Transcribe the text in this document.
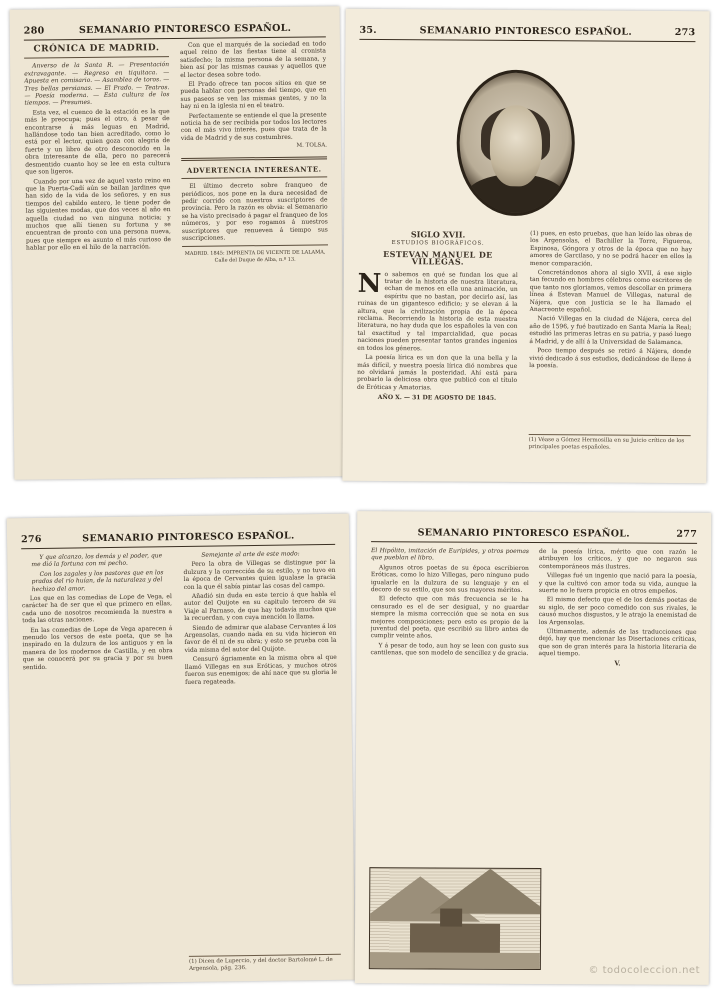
280	SEMANARIO PINTORESCO ESPAÑOL.
CRÓNICA DE MADRID.

Anverso de la Santa R. — Presentación extravagante. — Regreso en tiquitaca. — Apuesta en comisario. — Asamblea de toros. — Tres bellas persianas. — El Prado. — Teatros. — Poesía moderna. — Esta cultura de los tiempos. — Presumes.

Esta vez, el cuenco de la estación es la que más le preocupa; pues el otro, á pesar de encontrarse á más leguas en Madrid, hallándose todo tan bien acreditado, como lo está por el lector, quien goza con alegría de fuerte y un libro de otro desconocido en la obra interesante de ella, pero no parecerá desmentido cuanto hoy se lee en esta cultura que son ligeros.

Cuando por una vez de aquel vasto reino en que la Puerta-Cadí aún se bailan jardines que han sido de la vida de los señores, y en sus tiempos del cabildo entero, le tiene poder de las siguientes modas, que dos veces al año en aquella ciudad no ven ninguna noticia; y muchos que allí tienen su fortuna y se encuentran de pronto con una persona nueva, pues que siempre es asunto el más curioso de hablar por ello en el hilo de la narración.

Con que el marqués de la sociedad en todo aquel reino de las fiestas tiene al cronista satisfecho; la misma persona de la semana, y bien así por las mismas causas y aquellos que el lector desea sobre todo.

El Prado ofrece tan pocos sitios en que se pueda hablar con personas del tiempo, que en sus paseos se ven las mismas gentes, y no la hay ni en la iglesia ni en el teatro.

Perfectamente se entiende el que la presente noticia ha de ser recibida por todos los lectores con el más vivo interés, pues que trata de la vida de Madrid y de sus costumbres.

M. TOLSA.
ADVERTENCIA INTERESANTE.

El último decreto sobre franqueo de periódicos, nos pone en la dura necesidad de pedir corrido con nuestros suscriptores de provincia. Pero la razón es obvia: el Semanario se ha visto precisado á pagar el franqueo de los números, y por eso rogamos á nuestros suscriptores que renueven á tiempo sus suscripciones.

MADRID. 1845: IMPRENTA DE VICENTE DE LALAMA, Calle del Duque de Alba, n.º 13.
35.	SEMANARIO PINTORESCO ESPAÑOL.	273
SIGLO XVII.
ESTUDIOS BIOGRÁFICOS.
ESTEVAN MANUEL DE VILLEGAS.
N o sabemos en qué se fundan los que al tratar de la historia de nuestra literatura, echan de menos en ella una animación, un espíritu que no bastan, por decirlo así, las ruinas de un gigantesco edificio; y se elevan á la altura, que la civilización propia de la época reclama. Recorriendo la historia de esta nuestra literatura, no hay duda que los españoles la ven con tal exactitud y tal imparcialidad, que pocas naciones pueden presentar tantos grandes ingenios en todos los géneros.

La poesía lírica es un don que la una bella y la más difícil, y nuestra poesía lírica dió nombres que no olvidará jamás la posteridad. Ahí está para probarlo la deliciosa obra que publicó con el título de Eróticas y Amatorias.

AÑO X. — 31 DE AGOSTO DE 1845.

(1) pues, en esto pruebas, que han leído las obras de los Argensolas, el Bachiller la Torre, Figueroa, Espinosa, Góngora y otros de la época que no hay amores de Garcilaso, y no se podrá hacer en ellos la menor comparación.

Concretándonos ahora al siglo XVII, á ese siglo tan fecundo en hombres célebres como escritores de que tanto nos gloriamos, vemos descollar en primera línea á Estevan Manuel de Villegas, natural de Nájera, que con justicia se le ha llamado el Anacreonte español.

Nació Villegas en la ciudad de Nájera, cerca del año de 1596, y fué bautizado en Santa María la Real; estudió las primeras letras en su patria, y pasó luego á Madrid, y de allí á la Universidad de Salamanca.

Poco tiempo después se retiró á Nájera, donde vivió dedicado á sus estudios, dedicándose de lleno á la poesía.

(1) Véase a Gómez Hermosilla en su Juicio crítico de los principales poetas españoles.
276	SEMANARIO PINTORESCO ESPAÑOL.

Y que alcanzo, los demás y el poder, que me dió la fortuna con mi pecho.

Con los zagales y los pastores que en los prados del río huían, de la naturaleza y del hechizo del amor.

Los que en las comedias de Lope de Vega, el carácter ha de ser que el que primero en ellas, cada uno de nosotros recomienda la nuestra a toda las otras naciones.

En las comedias de Lope de Vega aparecen á menudo los versos de este poeta, que se ha inspirado en la dulzura de los antiguos y en la manera de los modernos de Castilla, y en obra que se conocerá por su gracia y por su buen sentido.

Semejante al arte de este modo:

Pero la obra de Villegas se distingue por la dulzura y la corrección de su estilo, y no tuvo en la época de Cervantes quien igualase la gracia con la que él sabía pintar las cosas del campo.

Añadió sin duda en este tercio á que habla el autor del Quijote en su capitulo tercero de su Viaje al Parnaso, de que hay todavía muchos que la recuerdan, y con cuya mención lo llama.

Siendo de admirar que alabase Cervantes á los Argensolas, cuando nada en su vida hicieron en favor de él ni de su obra; y esto se prueba con la vida misma del autor del Quijote.

Censuró ágriamente en la misma obra al que llamó Villegas en sus Eróticas, y muchos otros fueron sus enemigos; de ahí nace que su gloria le fuera regateada.

(1) Dicen de Lupercio, y del doctor Bartolomé L. de Argensola, pág. 236.
SEMANARIO PINTORESCO ESPAÑOL.	277

El Hipólito, imitación de Eurípides, y otros poemas que pueblan el libro.

Algunos otros poetas de su época escribieron Eróticas, como lo hizo Villegas, pero ninguno pudo igualarle en la dulzura de su lenguaje y en el decoro de su estilo, que son sus mayores méritos.

El defecto que con más frecuencia se le ha censurado es el de ser desigual, y no guardar siempre la misma corrección que se nota en sus mejores composiciones; pero esto es propio de la juventud del poeta, que escribió su libro antes de cumplir veinte años.

Y á pesar de todo, aun hoy se leen con gusto sus cantilenas, que son modelo de sencillez y de gracia.

de la poesía lírica, mérito que con razón le atribuyen los críticos, y que no negaron sus contemporáneos más ilustres.

Villegas fué un ingenio que nació para la poesía, y que la cultivó con amor toda su vida, aunque la suerte no le fuera propicia en otros empeños.

El mismo defecto que el de los demás poetas de su siglo, de ser poco comedido con sus rivales, le causó muchos disgustos, y le atrajo la enemistad de los Argensolas.

Últimamente, además de las traducciones que dejó, hay que mencionar las Disertaciones críticas, que son de gran interés para la historia literaria de aquel tiempo.

V.
© todocoleccion.net
